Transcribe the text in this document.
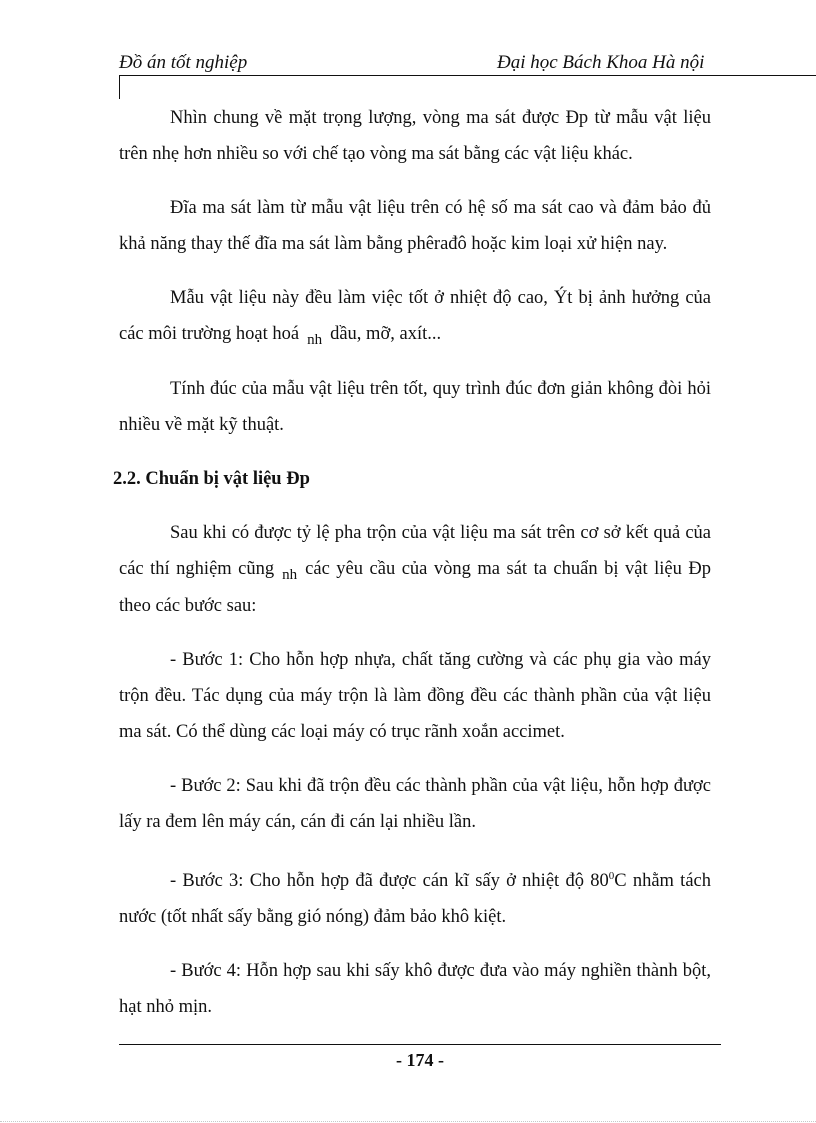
Đồ án tốt nghiệp	Đại học Bách Khoa Hà nội

Nhìn chung về mặt trọng lượng, vòng ma sát được Đp từ mẫu vật liệu trên nhẹ hơn nhiều so với chế tạo vòng ma sát bằng các vật liệu khác.

Đĩa ma sát làm từ mẫu vật liệu trên có hệ số ma sát cao và đảm bảo đủ khả năng thay thế đĩa ma sát làm bằng phêrađô hoặc kim loại xử hiện nay.

Mẫu vật liệu này đều làm việc tốt ở nhiệt độ cao, Ýt bị ảnh hưởng của các môi trường hoạt hoá $_{nh}$ dầu, mỡ, axít...

Tính đúc của mẫu vật liệu trên tốt, quy trình đúc đơn giản không đòi hỏi nhiều về mặt kỹ thuật.

2.2. Chuẩn bị vật liệu Đp

Sau khi có được tỷ lệ pha trộn của vật liệu ma sát trên cơ sở kết quả của các thí nghiệm cũng $_{nh}$ các yêu cầu của vòng ma sát ta chuẩn bị vật liệu Đp theo các bước sau:

- Bước 1: Cho hỗn hợp nhựa, chất tăng cường và các phụ gia vào máy trộn đều. Tác dụng của máy trộn là làm đồng đều các thành phần của vật liệu ma sát. Có thể dùng các loại máy có trục rãnh xoắn accimet.

- Bước 2: Sau khi đã trộn đều các thành phần của vật liệu, hỗn hợp được lấy ra đem lên máy cán, cán đi cán lại nhiều lần.

- Bước 3: Cho hỗn hợp đã được cán kĩ sấy ở nhiệt độ $80^0C$ nhằm tách nước (tốt nhất sấy bằng gió nóng) đảm bảo khô kiệt.

- Bước 4: Hỗn hợp sau khi sấy khô được đưa vào máy nghiền thành bột, hạt nhỏ mịn.

- 174 -
